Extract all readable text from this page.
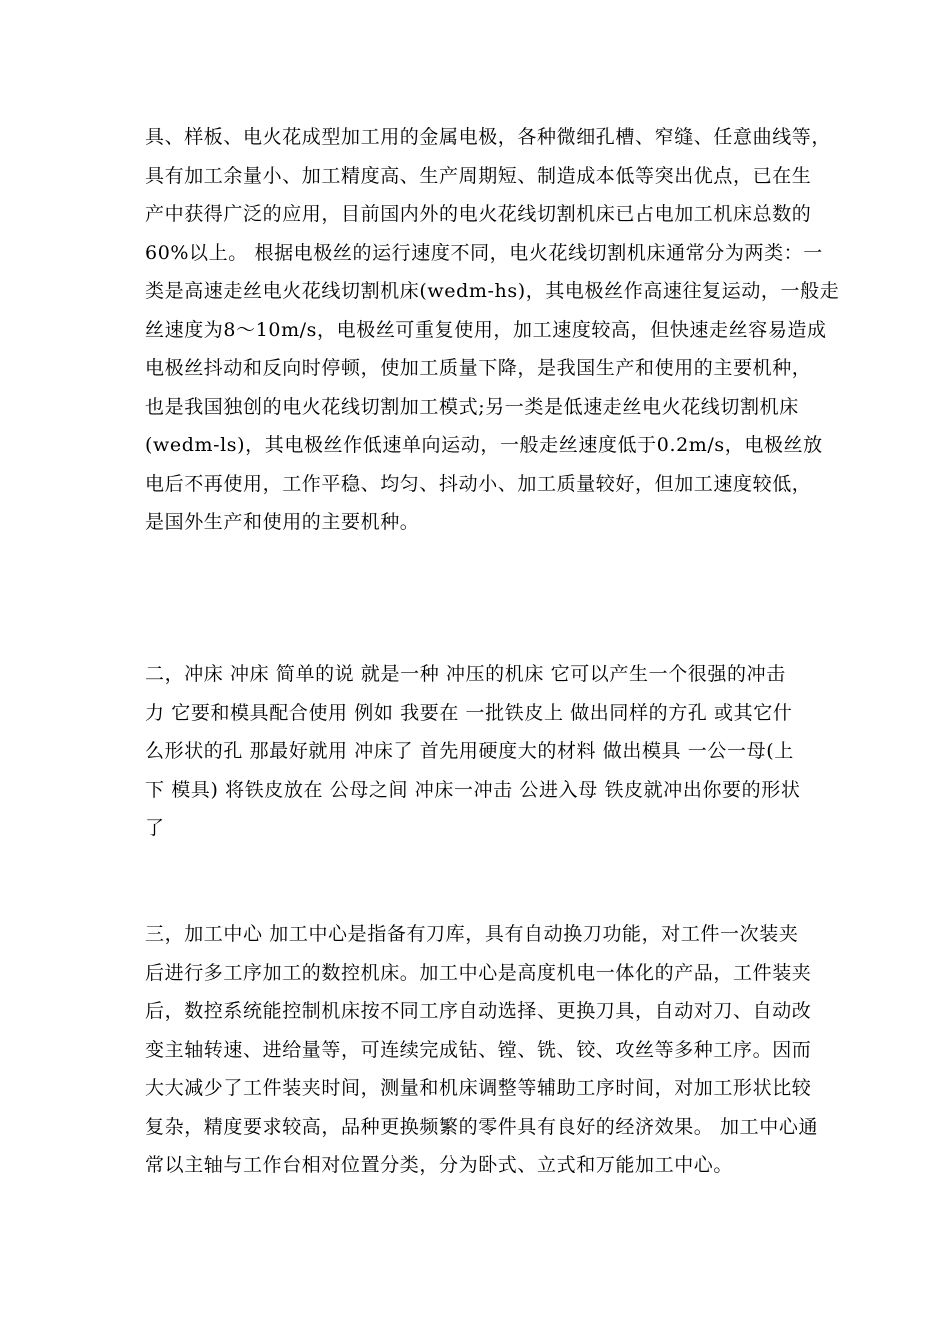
具、样板、电火花成型加工用的金属电极，各种微细孔槽、窄缝、任意曲线等，
具有加工余量小、加工精度高、生产周期短、制造成本低等突出优点，已在生
产中获得广泛的应用，目前国内外的电火花线切割机床已占电加工机床总数的
60%以上。 根据电极丝的运行速度不同，电火花线切割机床通常分为两类：一
类是高速走丝电火花线切割机床(wedm-hs)，其电极丝作高速往复运动，一般走
丝速度为8～10m/s，电极丝可重复使用，加工速度较高，但快速走丝容易造成
电极丝抖动和反向时停顿，使加工质量下降，是我国生产和使用的主要机种，
也是我国独创的电火花线切割加工模式;另一类是低速走丝电火花线切割机床
(wedm-ls)，其电极丝作低速单向运动，一般走丝速度低于0.2m/s，电极丝放
电后不再使用，工作平稳、均匀、抖动小、加工质量较好，但加工速度较低，
是国外生产和使用的主要机种。
二，冲床 冲床 简单的说 就是一种 冲压的机床 它可以产生一个很强的冲击
力 它要和模具配合使用 例如 我要在 一批铁皮上 做出同样的方孔 或其它什
么形状的孔 那最好就用 冲床了 首先用硬度大的材料 做出模具 一公一母(上
下 模具) 将铁皮放在 公母之间 冲床一冲击 公进入母 铁皮就冲出你要的形状
了
三，加工中心 加工中心是指备有刀库，具有自动换刀功能，对工件一次装夹
后进行多工序加工的数控机床。加工中心是高度机电一体化的产品，工件装夹
后，数控系统能控制机床按不同工序自动选择、更换刀具，自动对刀、自动改
变主轴转速、进给量等，可连续完成钻、镗、铣、铰、攻丝等多种工序。因而
大大减少了工件装夹时间，测量和机床调整等辅助工序时间，对加工形状比较
复杂，精度要求较高，品种更换频繁的零件具有良好的经济效果。 加工中心通
常以主轴与工作台相对位置分类，分为卧式、立式和万能加工中心。
